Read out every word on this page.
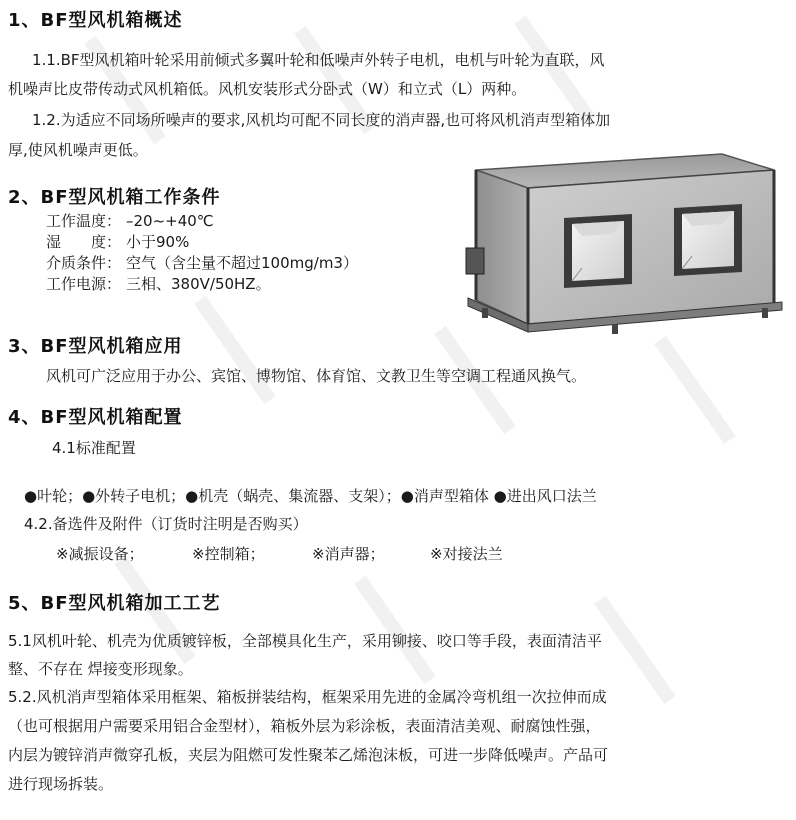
1、BF型风机箱概述
1.1.BF型风机箱叶轮采用前倾式多翼叶轮和低噪声外转子电机，电机与叶轮为直联，风
机噪声比皮带传动式风机箱低。风机安装形式分卧式（W）和立式（L）两种。
1.2.为适应不同场所噪声的要求,风机均可配不同长度的消声器,也可将风机消声型箱体加
厚,使风机噪声更低。
2、BF型风机箱工作条件
工作温度： –20~+40℃
湿　　度： 小于90%
介质条件： 空气（含尘量不超过100mg/m3）
工作电源： 三相、380V/50HZ。
3、BF型风机箱应用
风机可广泛应用于办公、宾馆、博物馆、体育馆、文教卫生等空调工程通风换气。
4、BF型风机箱配置
4.1标准配置
●叶轮；●外转子电机；●机壳（蜗壳、集流器、支架）；●消声型箱体 ●进出风口法兰
4.2.备选件及附件（订货时注明是否购买）
※减振设备；	※控制箱；	※消声器；	※对接法兰
5、BF型风机箱加工工艺
5.1风机叶轮、机壳为优质镀锌板，全部模具化生产，采用铆接、咬口等手段，表面清洁平
整、不存在 焊接变形现象。
5.2.风机消声型箱体采用框架、箱板拼装结构，框架采用先进的金属冷弯机组一次拉伸而成
（也可根据用户需要采用铝合金型材），箱板外层为彩涂板，表面清洁美观、耐腐蚀性强，
内层为镀锌消声微穿孔板，夹层为阻燃可发性聚苯乙烯泡沫板，可进一步降低噪声。产品可
进行现场拆装。
